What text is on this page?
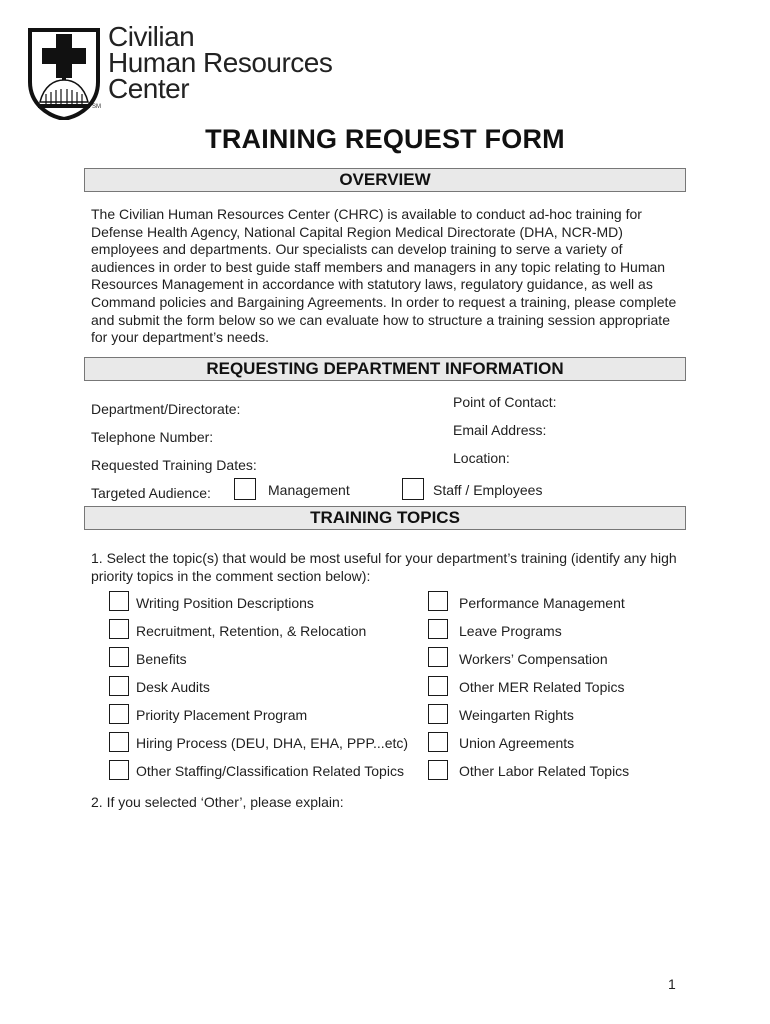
Civilian
Human Resources
Center
SM
TRAINING REQUEST FORM
OVERVIEW
The Civilian Human Resources Center (CHRC) is available to conduct ad-hoc training for Defense Health Agency, National Capital Region Medical Directorate (DHA, NCR-MD) employees and departments. Our specialists can develop training to serve a variety of audiences in order to best guide staff members and managers in any topic relating to Human Resources Management in accordance with statutory laws, regulatory guidance, as well as Command policies and Bargaining Agreements. In order to request a training, please complete and submit the form below so we can evaluate how to structure a training session appropriate for your department’s needs.
REQUESTING DEPARTMENT INFORMATION
Department/Directorate:
Telephone Number:
Requested Training Dates:
Targeted Audience:
Point of Contact:
Email Address:
Location:
Management	Staff / Employees
TRAINING TOPICS
1. Select the topic(s) that would be most useful for your department’s training (identify any high priority topics in the comment section below):
Writing Position Descriptions
Recruitment, Retention, & Relocation
Benefits
Desk Audits
Priority Placement Program
Hiring Process (DEU, DHA, EHA, PPP...etc)
Other Staffing/Classification Related Topics
Performance Management
Leave Programs
Workers’ Compensation
Other MER Related Topics
Weingarten Rights
Union Agreements
Other Labor Related Topics
2. If you selected ‘Other’, please explain:
1
